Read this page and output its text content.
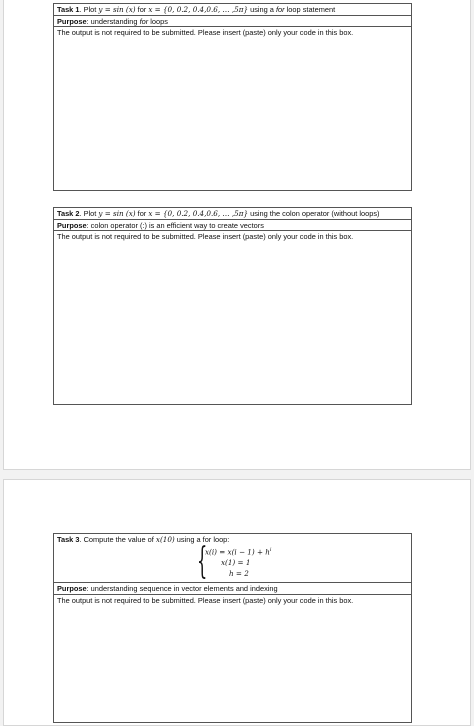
Task 1. Plot y = sin (x) for x = {0, 0.2, 0.4,0.6, … ,5π} using a for loop statement
Purpose: understanding for loops
The output is not required to be submitted. Please insert (paste) only your code in this box.
Task 2. Plot y = sin (x) for x = {0, 0.2, 0.4,0.6, … ,5π} using the colon operator (without loops)
Purpose: colon operator (:) is an efficient way to create vectors
The output is not required to be submitted. Please insert (paste) only your code in this box.
Task 3. Compute the value of x(10) using a for loop:
{
$x(i) = x(i - 1) + h^i$
x(1) = 1
h = 2
Purpose: understanding sequence in vector elements and indexing
The output is not required to be submitted. Please insert (paste) only your code in this box.
